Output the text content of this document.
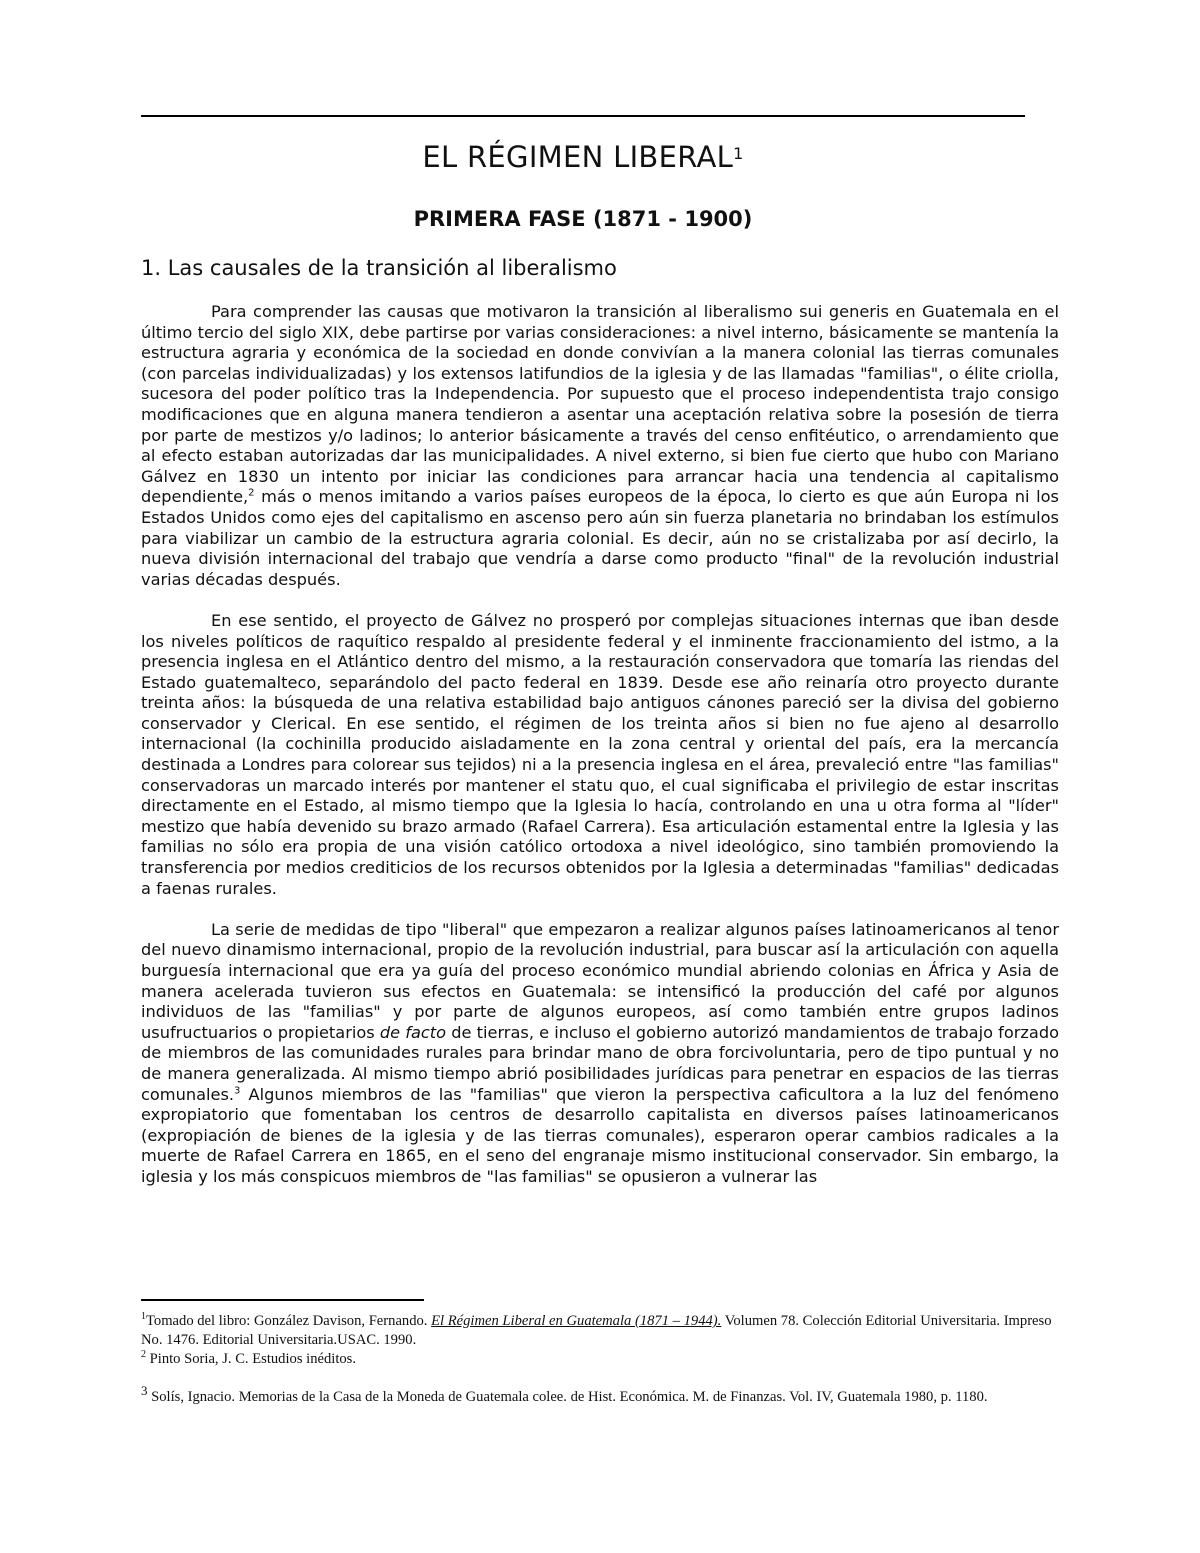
EL RÉGIMEN LIBERAL$^1$
PRIMERA FASE (1871 - 1900)
1. Las causales de la transición al liberalismo

Para comprender las causas que motivaron la transición al liberalismo sui generis en Guatemala en el último tercio del siglo XIX, debe partirse por varias consideraciones: a nivel interno, básicamente se mantenía la estructura agraria y económica de la sociedad en donde convivían a la manera colonial las tierras comunales (con parcelas individualizadas) y los extensos latifundios de la iglesia y de las llamadas "familias", o élite criolla, sucesora del poder político tras la Independencia. Por supuesto que el proceso independentista trajo consigo modificaciones que en alguna manera tendieron a asentar una aceptación relativa sobre la posesión de tierra por parte de mestizos y/o ladinos; lo anterior básicamente a través del censo enfitéutico, o arrendamiento que al efecto estaban autorizadas dar las municipalidades. A nivel externo, si bien fue cierto que hubo con Mariano Gálvez en 1830 un intento por iniciar las condiciones para arrancar hacia una tendencia al capitalismo dependiente,$^2$ más o menos imitando a varios países europeos de la época, lo cierto es que aún Europa ni los Estados Unidos como ejes del capitalismo en ascenso pero aún sin fuerza planetaria no brindaban los estímulos para viabilizar un cambio de la estructura agraria colonial. Es decir, aún no se cristalizaba por así decirlo, la nueva división internacional del trabajo que vendría a darse como producto "final" de la revolución industrial varias décadas después.

En ese sentido, el proyecto de Gálvez no prosperó por complejas situaciones internas que iban desde los niveles políticos de raquítico respaldo al presidente federal y el inminente fraccionamiento del istmo, a la presencia inglesa en el Atlántico dentro del mismo, a la restauración conservadora que tomaría las riendas del Estado guatemalteco, separándolo del pacto federal en 1839. Desde ese año reinaría otro proyecto durante treinta años: la búsqueda de una relativa estabilidad bajo antiguos cánones pareció ser la divisa del gobierno conservador y Clerical. En ese sentido, el régimen de los treinta años si bien no fue ajeno al desarrollo internacional (la cochinilla producido aisladamente en la zona central y oriental del país, era la mercancía destinada a Londres para colorear sus tejidos) ni a la presencia inglesa en el área, prevaleció entre "las familias" conservadoras un marcado interés por mantener el statu quo, el cual significaba el privilegio de estar inscritas directamente en el Estado, al mismo tiempo que la Iglesia lo hacía, controlando en una u otra forma al "líder" mestizo que había devenido su brazo armado (Rafael Carrera). Esa articulación estamental entre la Iglesia y las familias no sólo era propia de una visión católico ortodoxa a nivel ideológico, sino también promoviendo la transferencia por medios crediticios de los recursos obtenidos por la Iglesia a determinadas "familias" dedicadas a faenas rurales.

La serie de medidas de tipo "liberal" que empezaron a realizar algunos países latinoamericanos al tenor del nuevo dinamismo internacional, propio de la revolución industrial, para buscar así la articulación con aquella burguesía internacional que era ya guía del proceso económico mundial abriendo colonias en África y Asia de manera acelerada tuvieron sus efectos en Guatemala: se intensificó la producción del café por algunos individuos de las "familias" y por parte de algunos europeos, así como también entre grupos ladinos usufructuarios o propietarios de facto de tierras, e incluso el gobierno autorizó mandamientos de trabajo forzado de miembros de las comunidades rurales para brindar mano de obra forcivoluntaria, pero de tipo puntual y no de manera generalizada. Al mismo tiempo abrió posibilidades jurídicas para penetrar en espacios de las tierras comunales.$^3$ Algunos miembros de las "familias" que vieron la perspectiva caficultora a la luz del fenómeno expropiatorio que fomentaban los centros de desarrollo capitalista en diversos países latinoamericanos (expropiación de bienes de la iglesia y de las tierras comunales), esperaron operar cambios radicales a la muerte de Rafael Carrera en 1865, en el seno del engranaje mismo institucional conservador. Sin embargo, la iglesia y los más conspicuos miembros de "las familias" se opusieron a vulnerar las

$^1$Tomado del libro: González Davison, Fernando. El Régimen Liberal en Guatemala (1871 – 1944). Volumen 78. Colección Editorial Universitaria. Impreso No. 1476. Editorial Universitaria.USAC. 1990.

$^2$ Pinto Soria, J. C. Estudios inéditos.

$^3$ Solís, Ignacio. Memorias de la Casa de la Moneda de Guatemala colee. de Hist. Económica. M. de Finanzas. Vol. IV, Guatemala 1980, p. 1180.
